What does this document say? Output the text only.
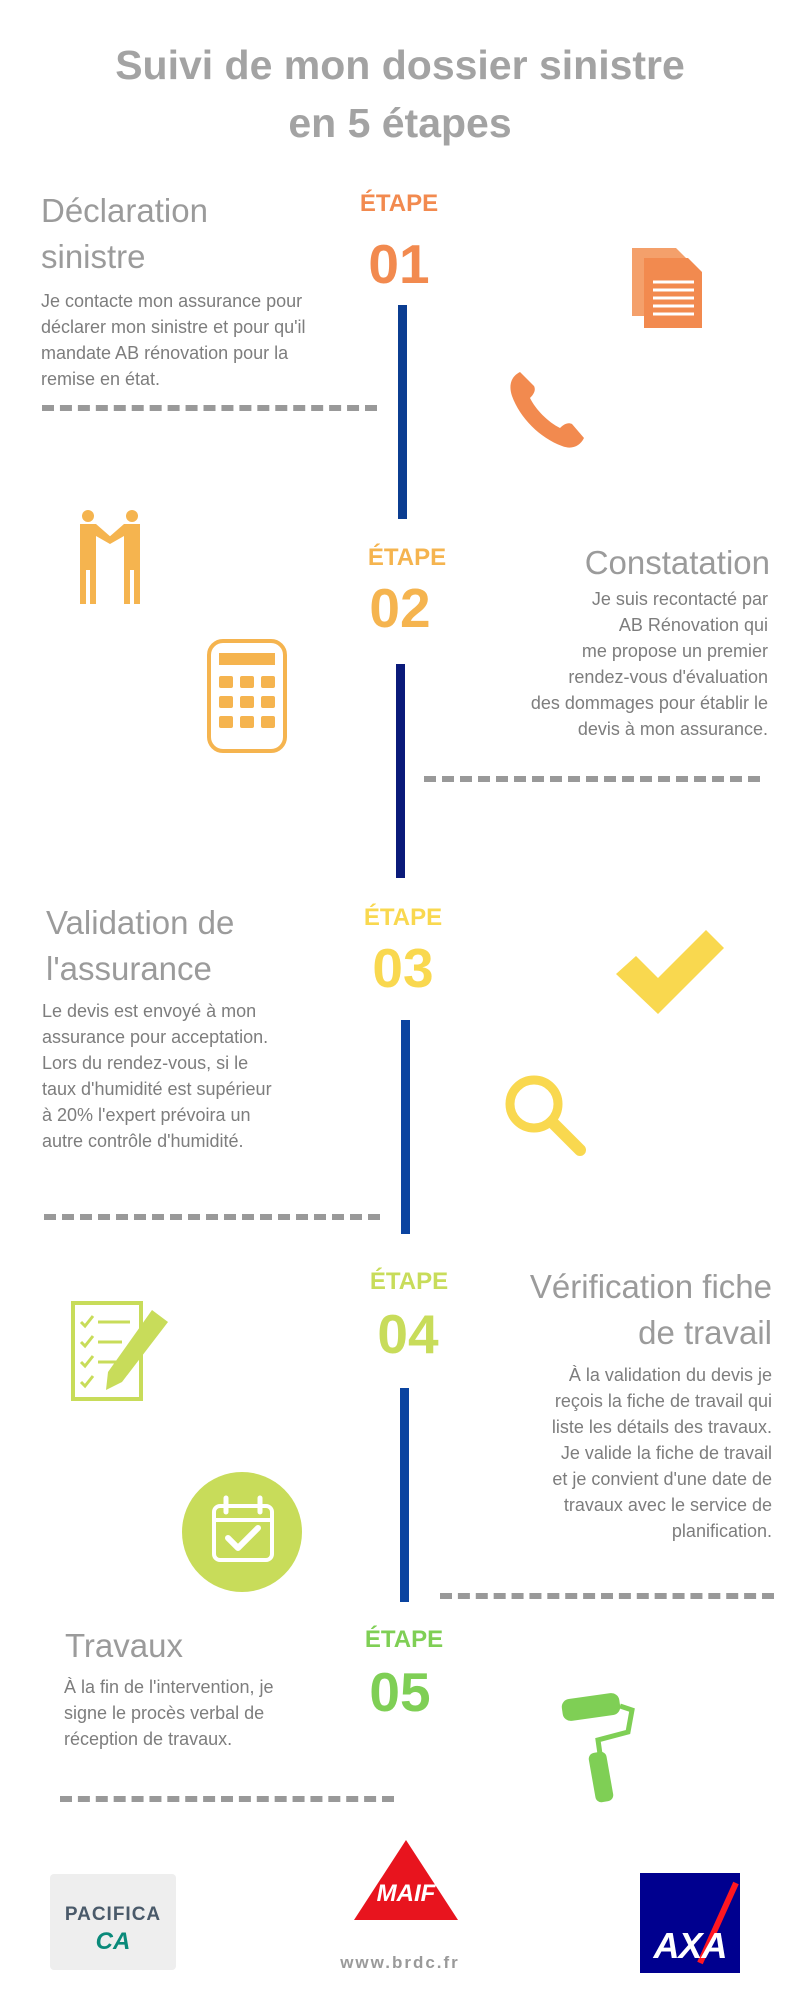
Suivi de mon dossier sinistre
en 5 étapes
Déclaration
sinistre
Je contacte mon assurance pour
déclarer mon sinistre et pour qu'il
mandate AB rénovation pour la
remise en état.
ÉTAPE
01
ÉTAPE
02
Constatation
Je suis recontacté par
AB Rénovation qui
me propose un premier
rendez-vous d'évaluation
des dommages pour établir le
devis à mon assurance.
Validation de
l'assurance
Le devis est envoyé à mon
assurance pour acceptation.
Lors du rendez-vous, si le
taux d'humidité est supérieur
à 20% l'expert prévoira un
autre contrôle d'humidité.
ÉTAPE
03
ÉTAPE
04
Vérification fiche
de travail
À la validation du devis je
reçois la fiche de travail qui
liste les détails des travaux.
Je valide la fiche de travail
et je convient d'une date de
travaux avec le service de
planification.
Travaux
À la fin de l'intervention, je
signe le procès verbal de
réception de travaux.
ÉTAPE
05
PACIFICA
CA
MAIF
AXA
www.brdc.fr
